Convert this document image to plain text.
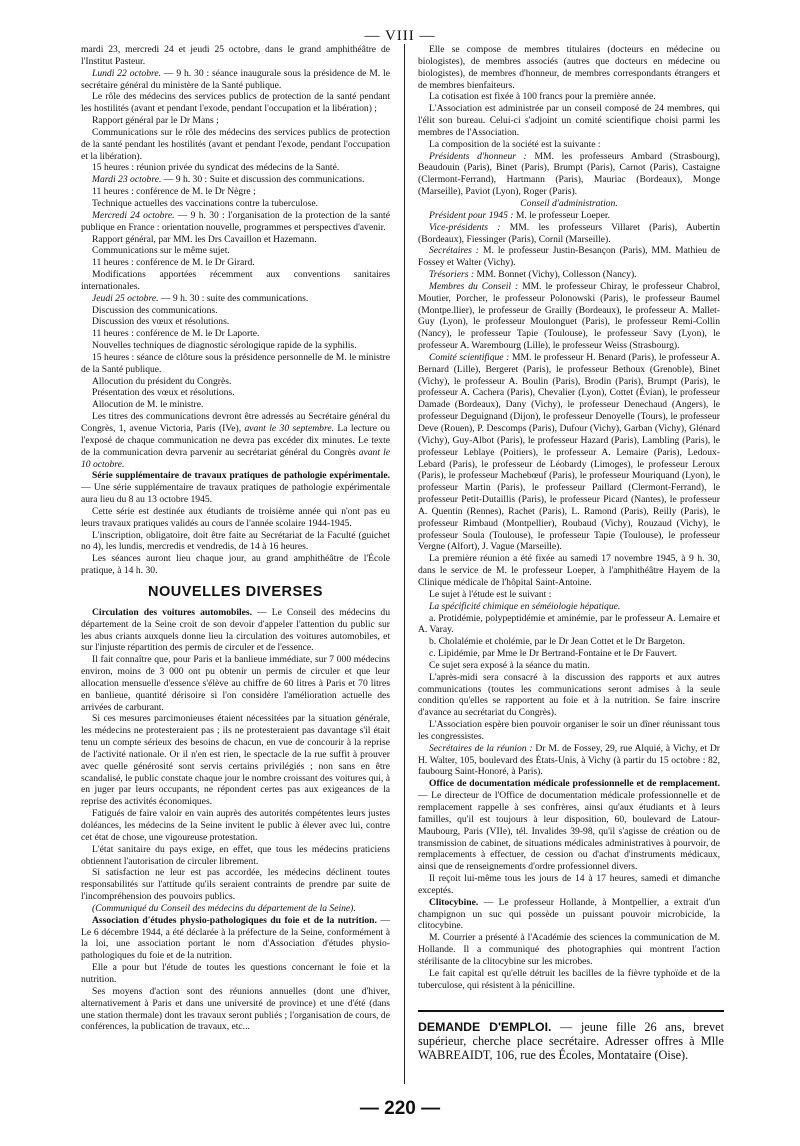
— VIII —

mardi 23, mercredi 24 et jeudi 25 octobre, dans le grand amphithéâtre de l'Institut Pasteur.

Lundi 22 octobre. — 9 h. 30 : séance inaugurale sous la présidence de M. le secrétaire général du ministère de la Santé publique.

Le rôle des médecins des services publics de protection de la santé pendant les hostilités (avant et pendant l'exode, pendant l'occupation et la libération) ;

Rapport général par le Dr Mans ;

Communications sur le rôle des médecins des services publics de protection de la santé pendant les hostilités (avant et pendant l'exode, pendant l'occupation et la libération).

15 heures : réunion privée du syndicat des médecins de la Santé.

Mardi 23 octobre. — 9 h. 30 : Suite et discussion des communications.

11 heures : conférence de M. le Dr Nègre ;

Technique actuelles des vaccinations contre la tuberculose.

Mercredi 24 octobre. — 9 h. 30 : l'organisation de la protection de la santé publique en France : orientation nouvelle, programmes et perspectives d'avenir.

Rapport général, par MM. les Drs Cavaillon et Hazemann.

Communications sur le même sujet.

11 heures : conférence de M. le Dr Girard.

Modifications apportées récemment aux conventions sanitaires internationales.

Jeudi 25 octobre. — 9 h. 30 : suite des communications.

Discussion des communications.

Discussion des vœux et résolutions.

11 heures : conférence de M. le Dr Laporte.

Nouvelles techniques de diagnostic sérologique rapide de la syphilis.

15 heures : séance de clôture sous la présidence personnelle de M. le ministre de la Santé publique.

Allocution du président du Congrès.

Présentation des vœux et résolutions.

Allocution de M. le ministre.

Les titres des communications devront être adressés au Secrétaire général du Congrès, 1, avenue Victoria, Paris (IVe), avant le 30 septembre. La lecture ou l'exposé de chaque communication ne devra pas excéder dix minutes. Le texte de la communication devra parvenir au secrétariat général du Congrès avant le 10 octobre.

Série supplémentaire de travaux pratiques de pathologie expérimentale. — Une série supplémentaire de travaux pratiques de pathologie expérimentale aura lieu du 8 au 13 octobre 1945.

Cette série est destinée aux étudiants de troisième année qui n'ont pas eu leurs travaux pratiques validés au cours de l'année scolaire 1944-1945.

L'inscription, obligatoire, doit être faite au Secrétariat de la Faculté (guichet no 4), les lundis, mercredis et vendredis, de 14 à 16 heures.

Les séances auront lieu chaque jour, au grand amphithéâtre de l'École pratique, à 14 h. 30.

NOUVELLES DIVERSES

Circulation des voitures automobiles. — Le Conseil des médecins du département de la Seine croit de son devoir d'appeler l'attention du public sur les abus criants auxquels donne lieu la circulation des voitures automobiles, et sur l'injuste répartition des permis de circuler et de l'essence.

Il fait connaître que, pour Paris et la banlieue immédiate, sur 7 000 médecins environ, moins de 3 000 ont pu obtenir un permis de circuler et que leur allocation mensuelle d'essence s'élève au chiffre de 60 litres à Paris et 70 litres en banlieue, quantité dérisoire si l'on considère l'amélioration actuelle des arrivées de carburant.

Si ces mesures parcimonieuses étaient nécessitées par la situation générale, les médecins ne protesteraient pas ; ils ne protesteraient pas davantage s'il était tenu un compte sérieux des besoins de chacun, en vue de concourir à la reprise de l'activité nationale. Or il n'en est rien, le spectacle de la rue suffit à prouver avec quelle générosité sont servis certains privilégiés ; non sans en être scandalisé, le public constate chaque jour le nombre croissant des voitures qui, à en juger par leurs occupants, ne répondent certes pas aux exigeances de la reprise des activités économiques.

Fatigués de faire valoir en vain auprès des autorités compétentes leurs justes doléances, les médecins de la Seine invitent le public à élever avec lui, contre cet état de chose, une vigoureuse protestation.

L'état sanitaire du pays exige, en effet, que tous les médecins praticiens obtiennent l'autorisation de circuler librement.

Si satisfaction ne leur est pas accordée, les médecins déclinent toutes responsabilités sur l'attitude qu'ils seraient contraints de prendre par suite de l'incompréhension des pouvoirs publics.

(Communiqué du Conseil des médecins du département de la Seine).

Association d'études physio-pathologiques du foie et de la nutrition. — Le 6 décembre 1944, a été déclarée à la préfecture de la Seine, conformément à la loi, une association portant le nom d'Association d'études physio-pathologiques du foie et de la nutrition.

Elle a pour but l'étude de toutes les questions concernant le foie et la nutrition.

Ses moyens d'action sont des réunions annuelles (dont une d'hiver, alternativement à Paris et dans une université de province) et une d'été (dans une station thermale) dont les travaux seront publiés ; l'organisation de cours, de conférences, la publication de travaux, etc...

Elle se compose de membres titulaires (docteurs en médecine ou biologistes), de membres associés (autres que docteurs en médecine ou biologistes), de membres d'honneur, de membres correspondants étrangers et de membres bienfaiteurs.

La cotisation est fixée à 100 francs pour la première année.

L'Association est administrée par un conseil composé de 24 membres, qui l'élit son bureau. Celui-ci s'adjoint un comité scientifique choisi parmi les membres de l'Association.

La composition de la société est la suivante :

Présidents d'honneur : MM. les professeurs Ambard (Strasbourg), Beaudouin (Paris), Binet (Paris), Brumpt (Paris), Carnot (Paris), Castaigne (Clermont-Ferrand), Hartmann (Paris), Mauriac (Bordeaux), Monge (Marseille), Paviot (Lyon), Roger (Paris).

Conseil d'administration.

Président pour 1945 : M. le professeur Loeper.

Vice-présidents : MM. les professeurs Villaret (Paris), Aubertin (Bordeaux), Fiessinger (Paris), Cornil (Marseille).

Secrétaires : M. le professeur Justin-Besançon (Paris), MM. Mathieu de Fossey et Walter (Vichy).

Trésoriers : MM. Bonnet (Vichy), Collesson (Nancy).

Membres du Conseil : MM. le professeur Chiray, le professeur Chabrol, Moutier, Porcher, le professeur Polonowski (Paris), le professeur Baumel (Montpe.llier), le professeur de Grailly (Bordeaux), le professeur A. Mallet-Guy (Lyon), le professeur Moulonguet (Paris), le professeur Remi-Collin (Nancy), le professeur Tapie (Toulouse), le professeur Savy (Lyon), le professeur A. Warembourg (Lille), le professeur Weiss (Strasbourg).

Comité scientifique : MM. le professeur H. Benard (Paris), le professeur A. Bernard (Lille), Bergeret (Paris), le professeur Bethoux (Grenoble), Binet (Vichy), le professeur A. Boulin (Paris), Brodin (Paris), Brumpt (Paris), le professeur A. Cachera (Paris), Chevalier (Lyon), Cottet (Évian), le professeur Damade (Bordeaux), Dany (Vichy), le professeur Denechaud (Angers), le professeur Deguignand (Dijon), le professeur Denoyelle (Tours), le professeur Deve (Rouen), P. Descomps (Paris), Dufour (Vichy), Garban (Vichy), Glénard (Vichy), Guy-Albot (Paris), le professeur Hazard (Paris), Lambling (Paris), le professeur Leblaye (Poitiers), le professeur A. Lemaire (Paris), Ledoux-Lebard (Paris), le professeur de Léobardy (Limoges), le professeur Leroux (Paris), le professeur Machebœuf (Paris), le professeur Mouriquand (Lyon), le professeur Martin (Paris), le professeur Paillard (Clermont-Ferrand), le professeur Petit-Dutaillis (Paris), le professeur Picard (Nantes), le professeur A. Quentin (Rennes), Rachet (Paris), L. Ramond (Paris), Reilly (Paris), le professeur Rimbaud (Montpellier), Roubaud (Vichy), Rouzaud (Vichy), le professeur Soula (Toulouse), le professeur Tapie (Toulouse), le professeur Vergne (Alfort), J. Vague (Marseille).

La première réunion a été fixée au samedi 17 novembre 1945, à 9 h. 30, dans le service de M. le professeur Loeper, à l'amphithéâtre Hayem de la Clinique médicale de l'hôpital Saint-Antoine.

Le sujet à l'étude est le suivant :

La spécificité chimique en séméiologie hépatique.

a. Protidémie, polypeptidémie et aminémie, par le professeur A. Lemaire et A. Varay.

b. Cholalémie et cholémie, par le Dr Jean Cottet et le Dr Bargeton.

c. Lipidémie, par Mme le Dr Bertrand-Fontaine et le Dr Fauvert.

Ce sujet sera exposé à la séance du matin.

L'après-midi sera consacré à la discussion des rapports et aux autres communications (toutes les communications seront admises à la seule condition qu'elles se rapportent au foie et à la nutrition. Se faire inscrire d'avance au secrétariat du Congrès).

L'Association espère bien pouvoir organiser le soir un dîner réunissant tous les congressistes.

Secrétaires de la réunion : Dr M. de Fossey, 29, rue Alquié, à Vichy, et Dr H. Walter, 105, boulevard des États-Unis, à Vichy (à partir du 15 octobre : 82, faubourg Saint-Honoré, à Paris).

Office de documentation médicale professionnelle et de remplacement. — Le directeur de l'Office de documentation médicale professionnelle et de remplacement rappelle à ses confrères, ainsi qu'aux étudiants et à leurs familles, qu'il est toujours à leur disposition, 60, boulevard de Latour-Maubourg, Paris (VIIe), tél. Invalides 39-98, qu'il s'agisse de création ou de transmission de cabinet, de situations médicales administratives à pourvoir, de remplacements à effectuer, de cession ou d'achat d'instruments médicaux, ainsi que de renseignements d'ordre professionnel divers.

Il reçoit lui-même tous les jours de 14 à 17 heures, samedi et dimanche exceptés.

Clitocybine. — Le professeur Hollande, à Montpellier, a extrait d'un champignon un suc qui possède un puissant pouvoir microbicide, la clitocybine.

M. Courrier a présenté à l'Académie des sciences la communication de M. Hollande. Il a communiqué des photographies qui montrent l'action stérilisante de la clitocybine sur les microbes.

Le fait capital est qu'elle détruit les bacilles de la fièvre typhoïde et de la tuberculose, qui résistent à la pénicilline.

DEMANDE D'EMPLOI. — jeune fille 26 ans, brevet supérieur, cherche place secrétaire. Adresser offres à Mlle WABREAIDT, 106, rue des Écoles, Montataire (Oise).
— 220 —
